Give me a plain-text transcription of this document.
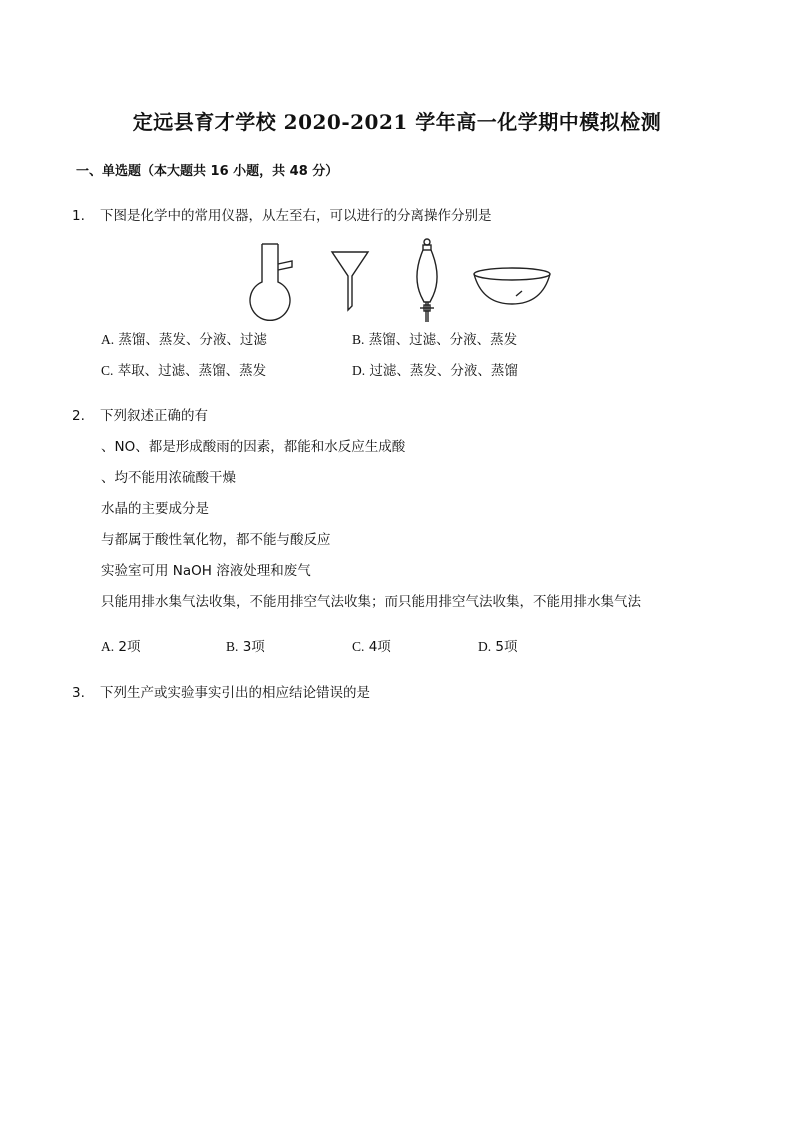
定远县育才学校 2020-2021 学年高一化学期中模拟检测
一、单选题（本大题共 16 小题，共 48 分）
1. 下图是化学中的常用仪器，从左至右，可以进行的分离操作分别是
A. 蒸馏、蒸发、分液、过滤	B. 蒸馏、过滤、分液、蒸发
C. 萃取、过滤、蒸馏、蒸发	D. 过滤、蒸发、分液、蒸馏
2. 下列叙述正确的有
、NO、都是形成酸雨的因素，都能和水反应生成酸
、均不能用浓硫酸干燥
水晶的主要成分是
与都属于酸性氧化物，都不能与酸反应
实验室可用 NaOH 溶液处理和废气
只能用排水集气法收集，不能用排空气法收集；而只能用排空气法收集，不能用排水集气法
A. 2项	B. 3项	C. 4项	D. 5项
3. 下列生产或实验事实引出的相应结论错误的是
